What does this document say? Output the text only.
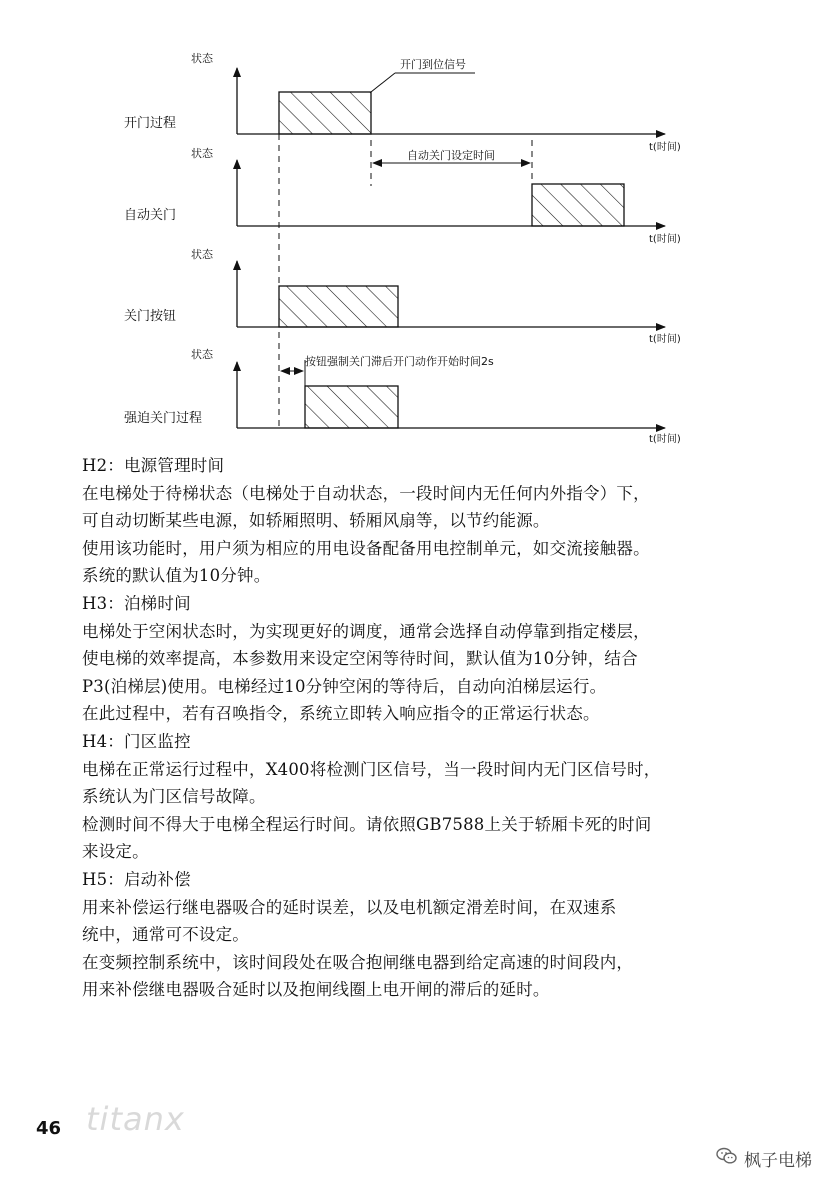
状态
开门过程
t(时间)
开门到位信号
状态
自动关门
t(时间)
自动关门设定时间
状态
关门按钮
t(时间)
状态
强迫关门过程
t(时间)
按钮强制关门滞后开门动作开始时间2s
H2：电源管理时间
在电梯处于待梯状态（电梯处于自动状态，一段时间内无任何内外指令）下，
可自动切断某些电源，如轿厢照明、轿厢风扇等，以节约能源。
使用该功能时，用户须为相应的用电设备配备用电控制单元，如交流接触器。
系统的默认值为10分钟。
H3：泊梯时间
电梯处于空闲状态时，为实现更好的调度，通常会选择自动停靠到指定楼层，
使电梯的效率提高，本参数用来设定空闲等待时间，默认值为10分钟，结合
P3(泊梯层)使用。电梯经过10分钟空闲的等待后，自动向泊梯层运行。
在此过程中，若有召唤指令，系统立即转入响应指令的正常运行状态。
H4：门区监控
电梯在正常运行过程中，X400将检测门区信号，当一段时间内无门区信号时，
系统认为门区信号故障。
检测时间不得大于电梯全程运行时间。请依照GB7588上关于轿厢卡死的时间
来设定。
H5：启动补偿
用来补偿运行继电器吸合的延时误差，以及电机额定滑差时间，在双速系
统中，通常可不设定。
在变频控制系统中，该时间段处在吸合抱闸继电器到给定高速的时间段内，
用来补偿继电器吸合延时以及抱闸线圈上电开闸的滞后的延时。
46 titanx
枫子电梯
